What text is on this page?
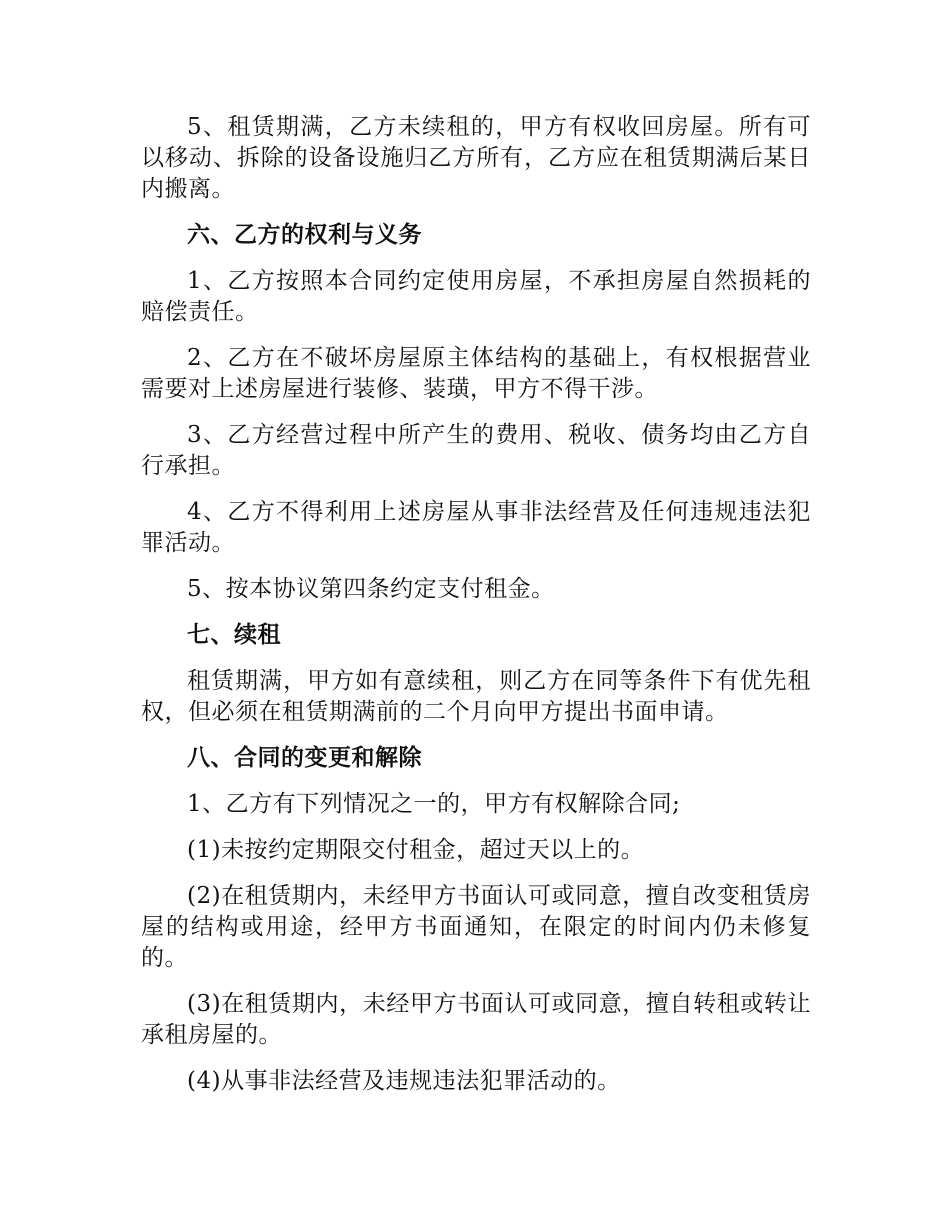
5、租赁期满，乙方未续租的，甲方有权收回房屋。所有可以移动、拆除的设备设施归乙方所有，乙方应在租赁期满后某日内搬离。

六、乙方的权利与义务

1、乙方按照本合同约定使用房屋，不承担房屋自然损耗的赔偿责任。

2、乙方在不破坏房屋原主体结构的基础上，有权根据营业需要对上述房屋进行装修、装璜，甲方不得干涉。

3、乙方经营过程中所产生的费用、税收、债务均由乙方自行承担。

4、乙方不得利用上述房屋从事非法经营及任何违规违法犯罪活动。

5、按本协议第四条约定支付租金。

七、续租

租赁期满，甲方如有意续租，则乙方在同等条件下有优先租权，但必须在租赁期满前的二个月向甲方提出书面申请。

八、合同的变更和解除

1、乙方有下列情况之一的，甲方有权解除合同;

(1)未按约定期限交付租金，超过天以上的。

(2)在租赁期内，未经甲方书面认可或同意，擅自改变租赁房屋的结构或用途，经甲方书面通知，在限定的时间内仍未修复的。

(3)在租赁期内，未经甲方书面认可或同意，擅自转租或转让承租房屋的。

(4)从事非法经营及违规违法犯罪活动的。
